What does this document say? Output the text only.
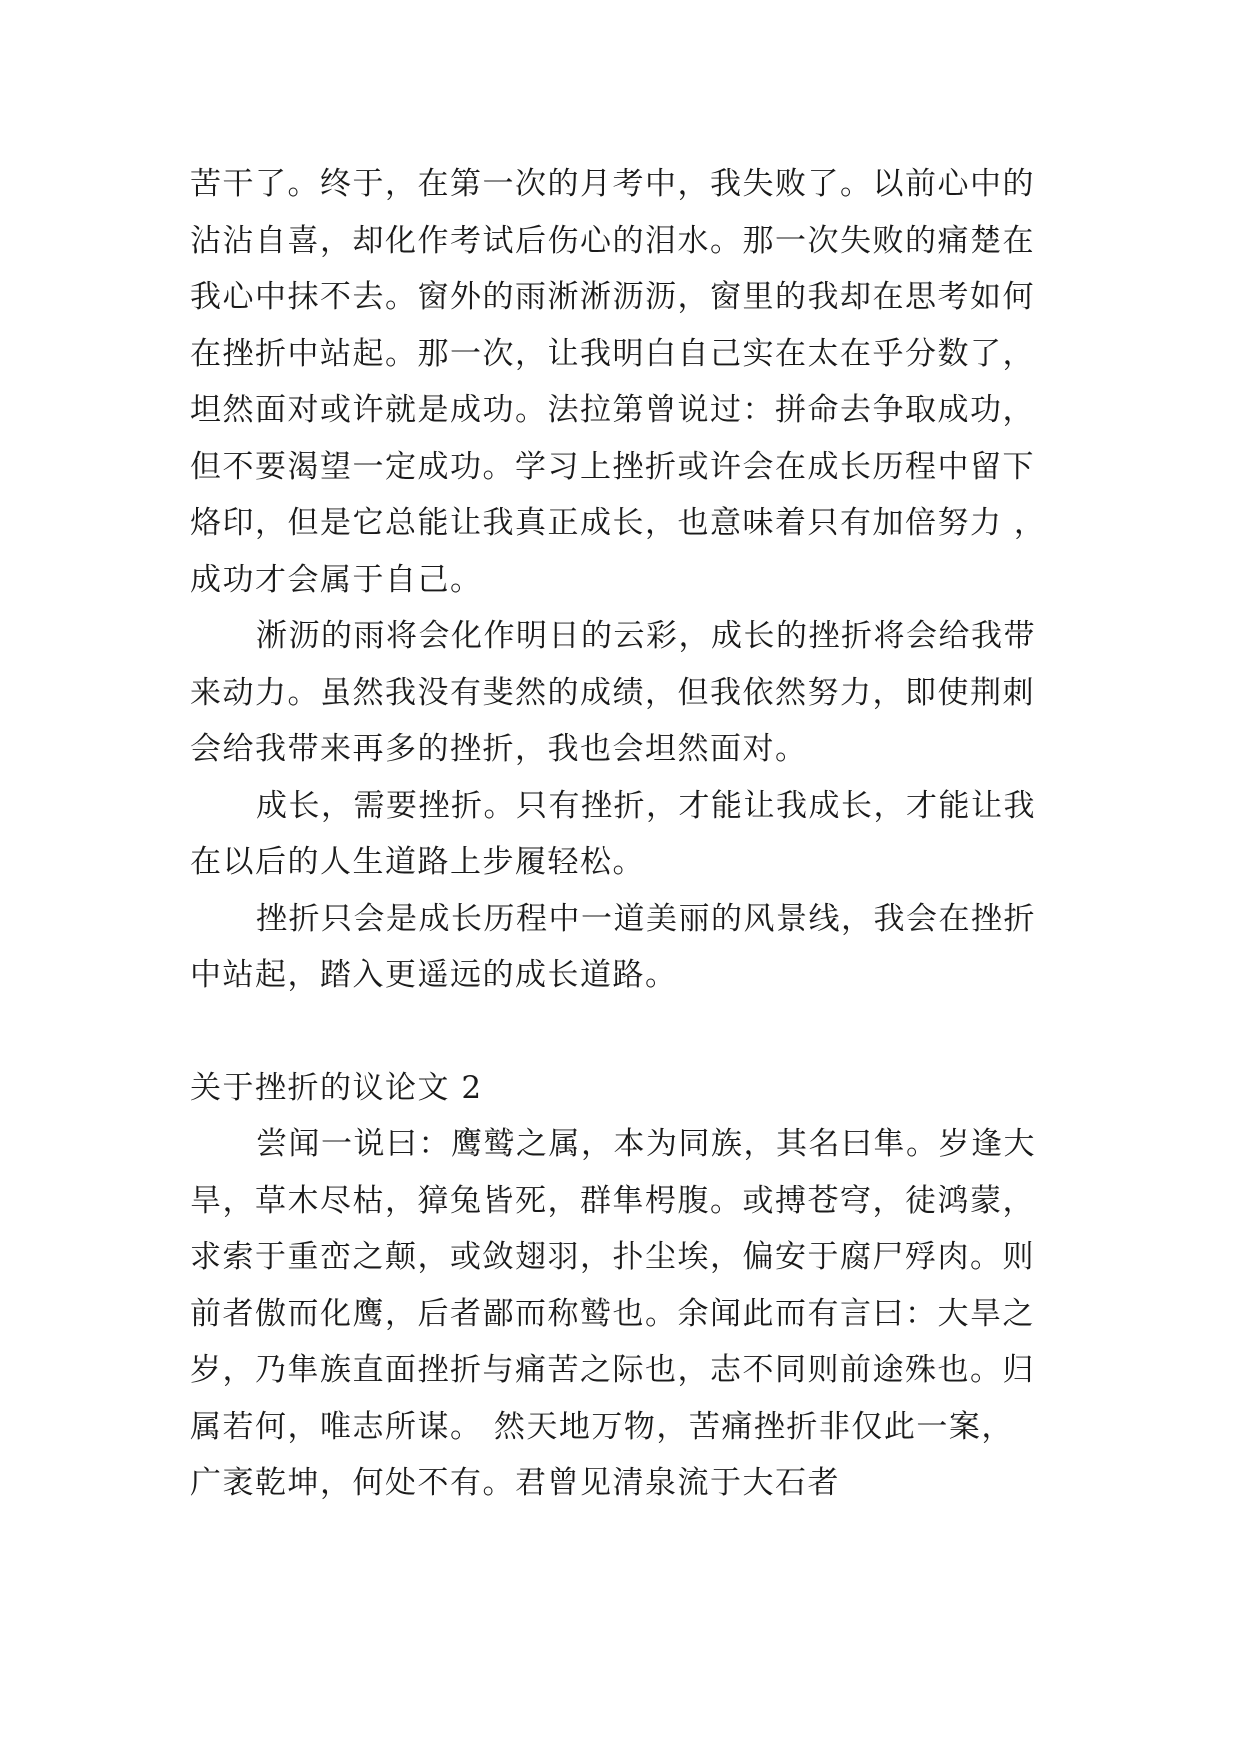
苦干了。终于，在第一次的月考中，我失败了。以前心中的
沾沾自喜，却化作考试后伤心的泪水。那一次失败的痛楚在
我心中抹不去。窗外的雨淅淅沥沥，窗里的我却在思考如何
在挫折中站起。那一次，让我明白自己实在太在乎分数了，
坦然面对或许就是成功。法拉第曾说过：拼命去争取成功，
但不要渴望一定成功。学习上挫折或许会在成长历程中留下
烙印，但是它总能让我真正成长，也意味着只有加倍努力 ，
成功才会属于自己。
淅沥的雨将会化作明日的云彩，成长的挫折将会给我带
来动力。虽然我没有斐然的成绩，但我依然努力，即使荆刺
会给我带来再多的挫折，我也会坦然面对。
成长，需要挫折。只有挫折，才能让我成长，才能让我
在以后的人生道路上步履轻松。
挫折只会是成长历程中一道美丽的风景线，我会在挫折
中站起，踏入更遥远的成长道路。
关于挫折的议论文 2
尝闻一说曰：鹰鹫之属，本为同族，其名曰隼。岁逢大
旱，草木尽枯，獐兔皆死，群隼枵腹。或搏苍穹，徒鸿蒙，
求索于重峦之颠，或敛翅羽，扑尘埃，偏安于腐尸殍肉。则
前者傲而化鹰，后者鄙而称鹫也。余闻此而有言曰：大旱之
岁，乃隼族直面挫折与痛苦之际也，志不同则前途殊也。归
属若何，唯志所谋。 然天地万物，苦痛挫折非仅此一案，
广袤乾坤，何处不有。君曾见清泉流于大石者
